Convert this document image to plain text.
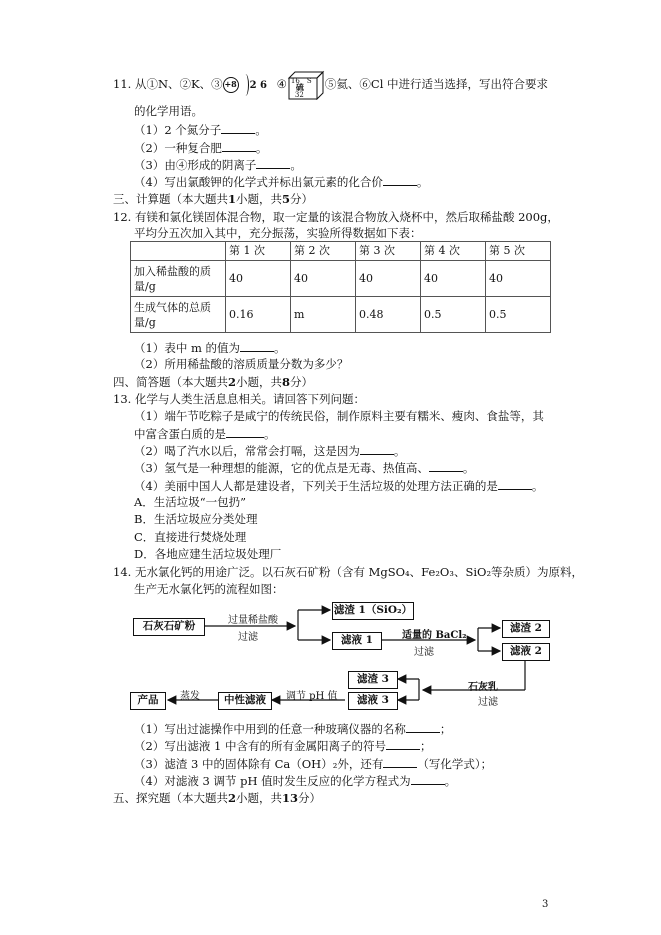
11. 从①N、②K、③ +8 2 6 ④ 16 S
硫
32
⑤氦、⑥Cl 中进行适当选择，写出符合要求
的化学用语。
（1）2 个氮分子	。
（2）一种复合肥	。
（3）由④形成的阴离子	。
（4）写出氯酸钾的化学式并标出氯元素的化合价	。
三、计算题（本大题共1小题，共5分）
12. 有镁和氯化镁固体混合物，取一定量的该混合物放入烧杯中，然后取稀盐酸 200g，
平均分五次加入其中，充分振荡，实验所得数据如下表：
	第 1 次	第 2 次	第 3 次	第 4 次	第 5 次
加入稀盐酸的质
量/g	40	40	40	40	40
生成气体的总质
量/g	0.16	m	0.48	0.5	0.5
（1）表中 m 的值为	。
（2）所用稀盐酸的溶质质量分数为多少？
四、简答题（本大题共2小题，共8分）
13. 化学与人类生活息息相关。请回答下列问题：
（1）端午节吃粽子是咸宁的传统民俗，制作原料主要有糯米、瘦肉、食盐等，其
中富含蛋白质的是	。
（2）喝了汽水以后，常常会打嗝，这是因为	。
（3）氢气是一种理想的能源，它的优点是无毒、热值高、	。
（4）美丽中国人人都是建设者，下列关于生活垃圾的处理方法正确的是	。
A．生活垃圾“一包扔”
B．生活垃圾应分类处理
C．直接进行焚烧处理
D．各地应建生活垃圾处理厂
14. 无水氯化钙的用途广泛。以石灰石矿粉（含有 MgSO₄、Fe₂O₃、SiO₂等杂质）为原料，
生产无水氯化钙的流程如图：
石灰石矿粉	过量稀盐酸
过滤
滤渣 1（SiO₂）
滤液 1	适量的 BaCl₂
过滤
滤渣 2
滤液 2
石灰乳
过滤
滤渣 3
滤液 3
调节 pH 值
中性滤液
蒸发
产品
（1）写出过滤操作中用到的任意一种玻璃仪器的名称	；
（2）写出滤液 1 中含有的所有金属阳离子的符号	；
（3）滤渣 3 中的固体除有 Ca（OH）₂外，还有	（写化学式）；
（4）对滤液 3 调节 pH 值时发生反应的化学方程式为	。
五、探究题（本大题共2小题，共13分）
3
